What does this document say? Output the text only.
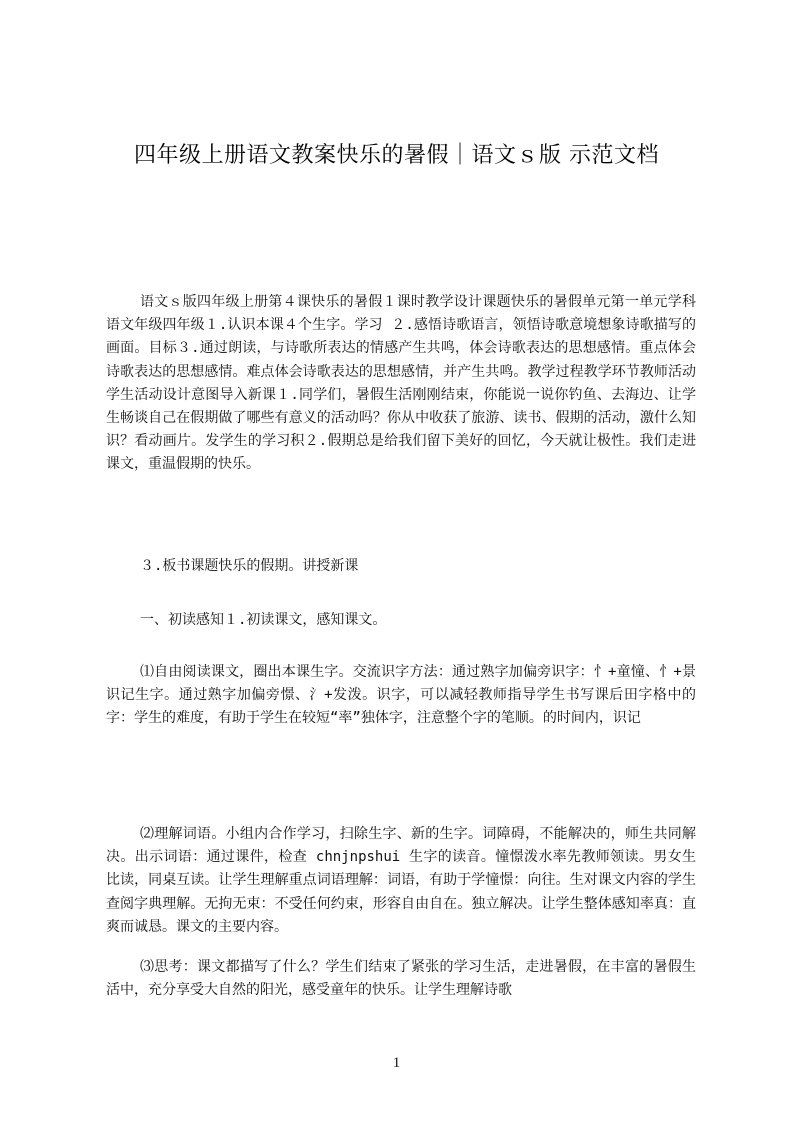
四年级上册语文教案快乐的暑假｜语文ｓ版 示范文档

语文ｓ版四年级上册第４课快乐的暑假１课时教学设计课题快乐的暑假单元第一单元学科语文年级四年级１.认识本课４个生字。学习 ２.感悟诗歌语言，领悟诗歌意境想象诗歌描写的画面。目标３.通过朗读，与诗歌所表达的情感产生共鸣，体会诗歌表达的思想感情。重点体会诗歌表达的思想感情。难点体会诗歌表达的思想感情，并产生共鸣。教学过程教学环节教师活动学生活动设计意图导入新课１.同学们，暑假生活刚刚结束，你能说一说你钓鱼、去海边、让学生畅谈自己在假期做了哪些有意义的活动吗？你从中收获了旅游、读书、假期的活动，激什么知识？看动画片。发学生的学习积２.假期总是给我们留下美好的回忆，今天就让极性。我们走进课文，重温假期的快乐。

３.板书课题快乐的假期。讲授新课

一、初读感知１.初读课文，感知课文。

⑴自由阅读课文，圈出本课生字。交流识字方法：通过熟字加偏旁识字：忄+童憧、忄+景识记生字。通过熟字加偏旁憬、氵+发泼。识字，可以减轻教师指导学生书写课后田字格中的字：学生的难度，有助于学生在较短“率”独体字，注意整个字的笔顺。的时间内，识记

⑵理解词语。小组内合作学习，扫除生字、新的生字。词障碍，不能解决的，师生共同解决。出示词语：通过课件，检查 chnjnpshui 生字的读音。憧憬泼水率先教师领读。男女生比读，同桌互读。让学生理解重点词语理解：词语，有助于学憧憬：向往。生对课文内容的学生查阅字典理解。无拘无束：不受任何约束，形容自由自在。独立解决。让学生整体感知率真：直爽而诚恳。课文的主要内容。

⑶思考：课文都描写了什么？学生们结束了紧张的学习生活，走进暑假，在丰富的暑假生活中，充分享受大自然的阳光，感受童年的快乐。让学生理解诗歌

1
